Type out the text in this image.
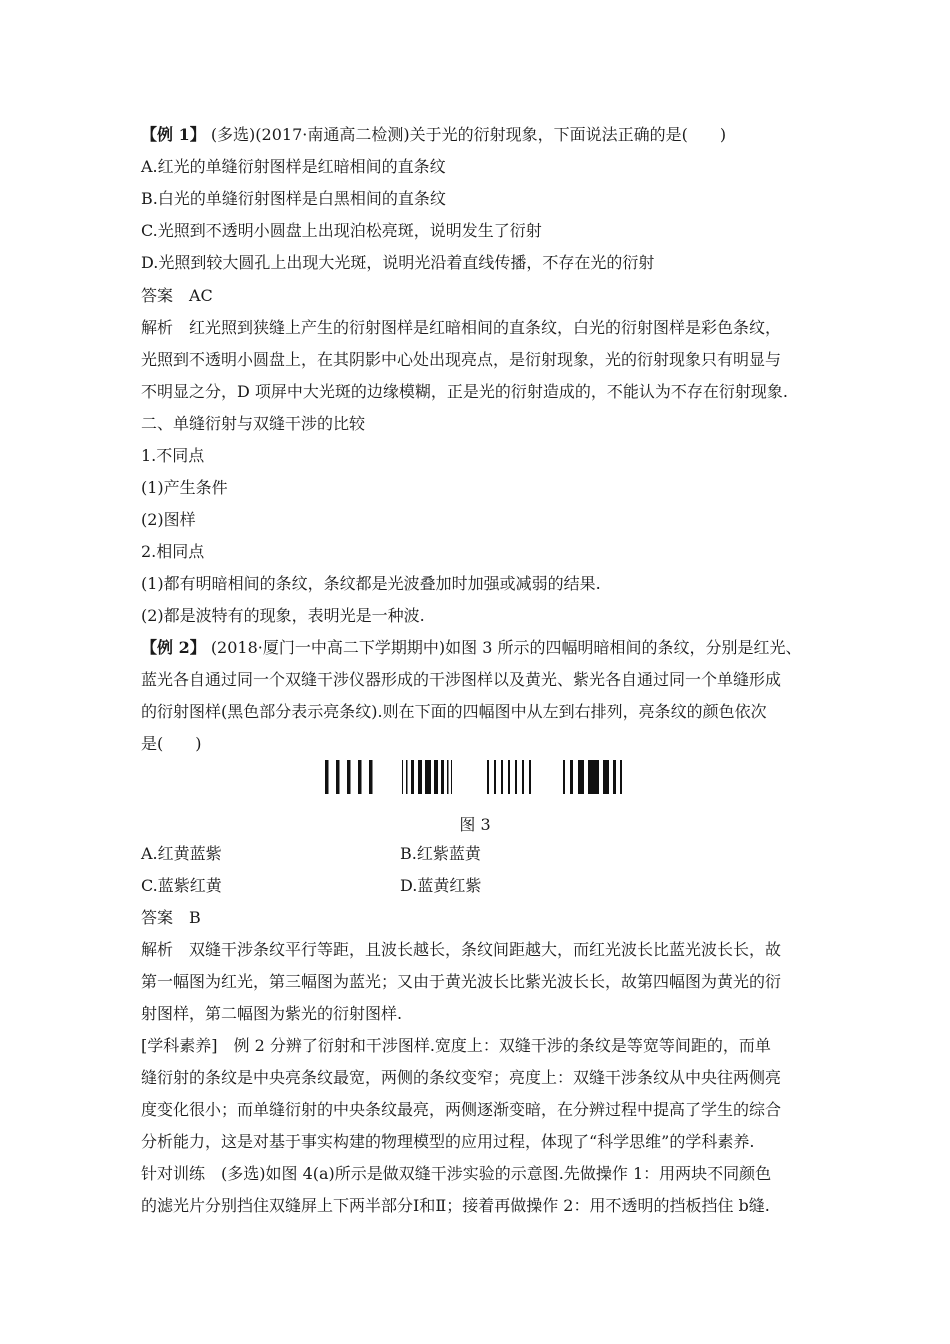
【例 1】 (多选)(2017·南通高二检测)关于光的衍射现象，下面说法正确的是(　　)
A.红光的单缝衍射图样是红暗相间的直条纹
B.白光的单缝衍射图样是白黑相间的直条纹
C.光照到不透明小圆盘上出现泊松亮斑，说明发生了衍射
D.光照到较大圆孔上出现大光斑，说明光沿着直线传播，不存在光的衍射
答案　AC
解析　红光照到狭缝上产生的衍射图样是红暗相间的直条纹，白光的衍射图样是彩色条纹，
光照到不透明小圆盘上，在其阴影中心处出现亮点，是衍射现象，光的衍射现象只有明显与
不明显之分，D 项屏中大光斑的边缘模糊，正是光的衍射造成的，不能认为不存在衍射现象.
二、单缝衍射与双缝干涉的比较
1.不同点
(1)产生条件
(2)图样
2.相同点
(1)都有明暗相间的条纹，条纹都是光波叠加时加强或减弱的结果.
(2)都是波特有的现象，表明光是一种波.
【例 2】 (2018·厦门一中高二下学期期中)如图 3 所示的四幅明暗相间的条纹，分别是红光、
蓝光各自通过同一个双缝干涉仪器形成的干涉图样以及黄光、紫光各自通过同一个单缝形成
的衍射图样(黑色部分表示亮条纹).则在下面的四幅图中从左到右排列，亮条纹的颜色依次
是(　　)
图 3
A.红黄蓝紫	B.红紫蓝黄
C.蓝紫红黄	D.蓝黄红紫
答案　B
解析　双缝干涉条纹平行等距，且波长越长，条纹间距越大，而红光波长比蓝光波长长，故
第一幅图为红光，第三幅图为蓝光；又由于黄光波长比紫光波长长，故第四幅图为黄光的衍
射图样，第二幅图为紫光的衍射图样.
[学科素养]　例 2 分辨了衍射和干涉图样.宽度上：双缝干涉的条纹是等宽等间距的，而单
缝衍射的条纹是中央亮条纹最宽，两侧的条纹变窄；亮度上：双缝干涉条纹从中央往两侧亮
度变化很小；而单缝衍射的中央条纹最亮，两侧逐渐变暗，在分辨过程中提高了学生的综合
分析能力，这是对基于事实构建的物理模型的应用过程，体现了“科学思维”的学科素养.
针对训练　(多选)如图 4(a)所示是做双缝干涉实验的示意图.先做操作 1：用两块不同颜色
的滤光片分别挡住双缝屏上下两半部分Ⅰ和Ⅱ；接着再做操作 2：用不透明的挡板挡住 b缝.
